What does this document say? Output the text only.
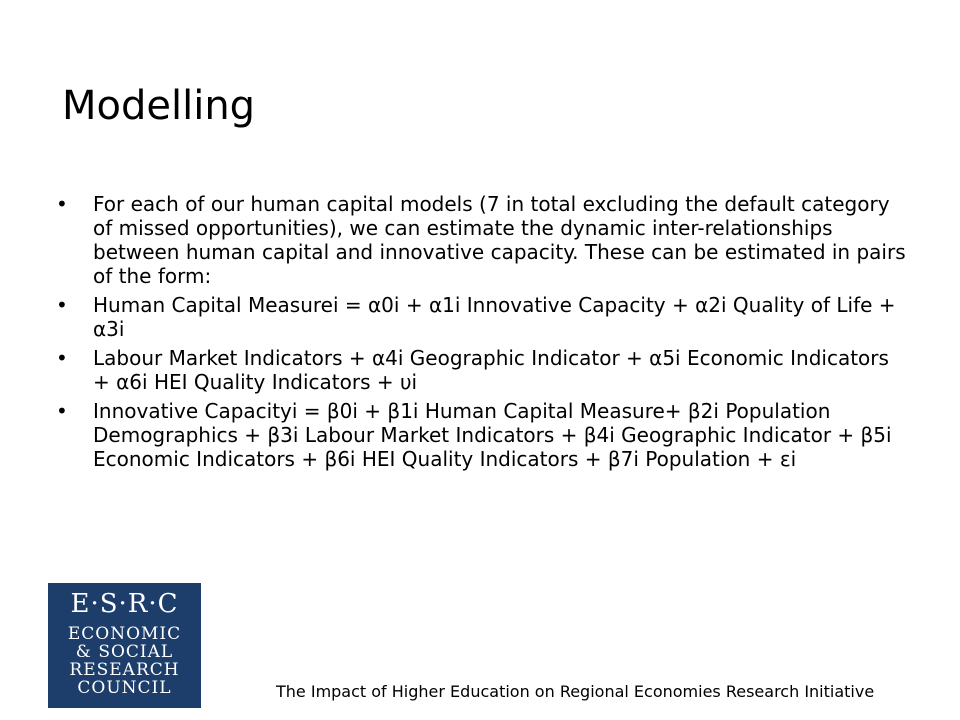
Modelling
• For each of our human capital models (7 in total excluding the default category of missed opportunities), we can estimate the dynamic inter-relationships between human capital and innovative capacity. These can be estimated in pairs of the form:
• Human Capital Measurei = α0i + α1i Innovative Capacity + α2i Quality of Life + α3i
• Labour Market Indicators + α4i Geographic Indicator + α5i Economic Indicators + α6i HEI Quality Indicators + υi
• Innovative Capacityi = β0i + β1i Human Capital Measure+ β2i Population Demographics + β3i Labour Market Indicators + β4i Geographic Indicator + β5i Economic Indicators + β6i HEI Quality Indicators + β7i Population + εi
E·S·R·C
ECONOMIC
& SOCIAL
RESEARCH
COUNCIL	The Impact of Higher Education on Regional Economies Research Initiative
